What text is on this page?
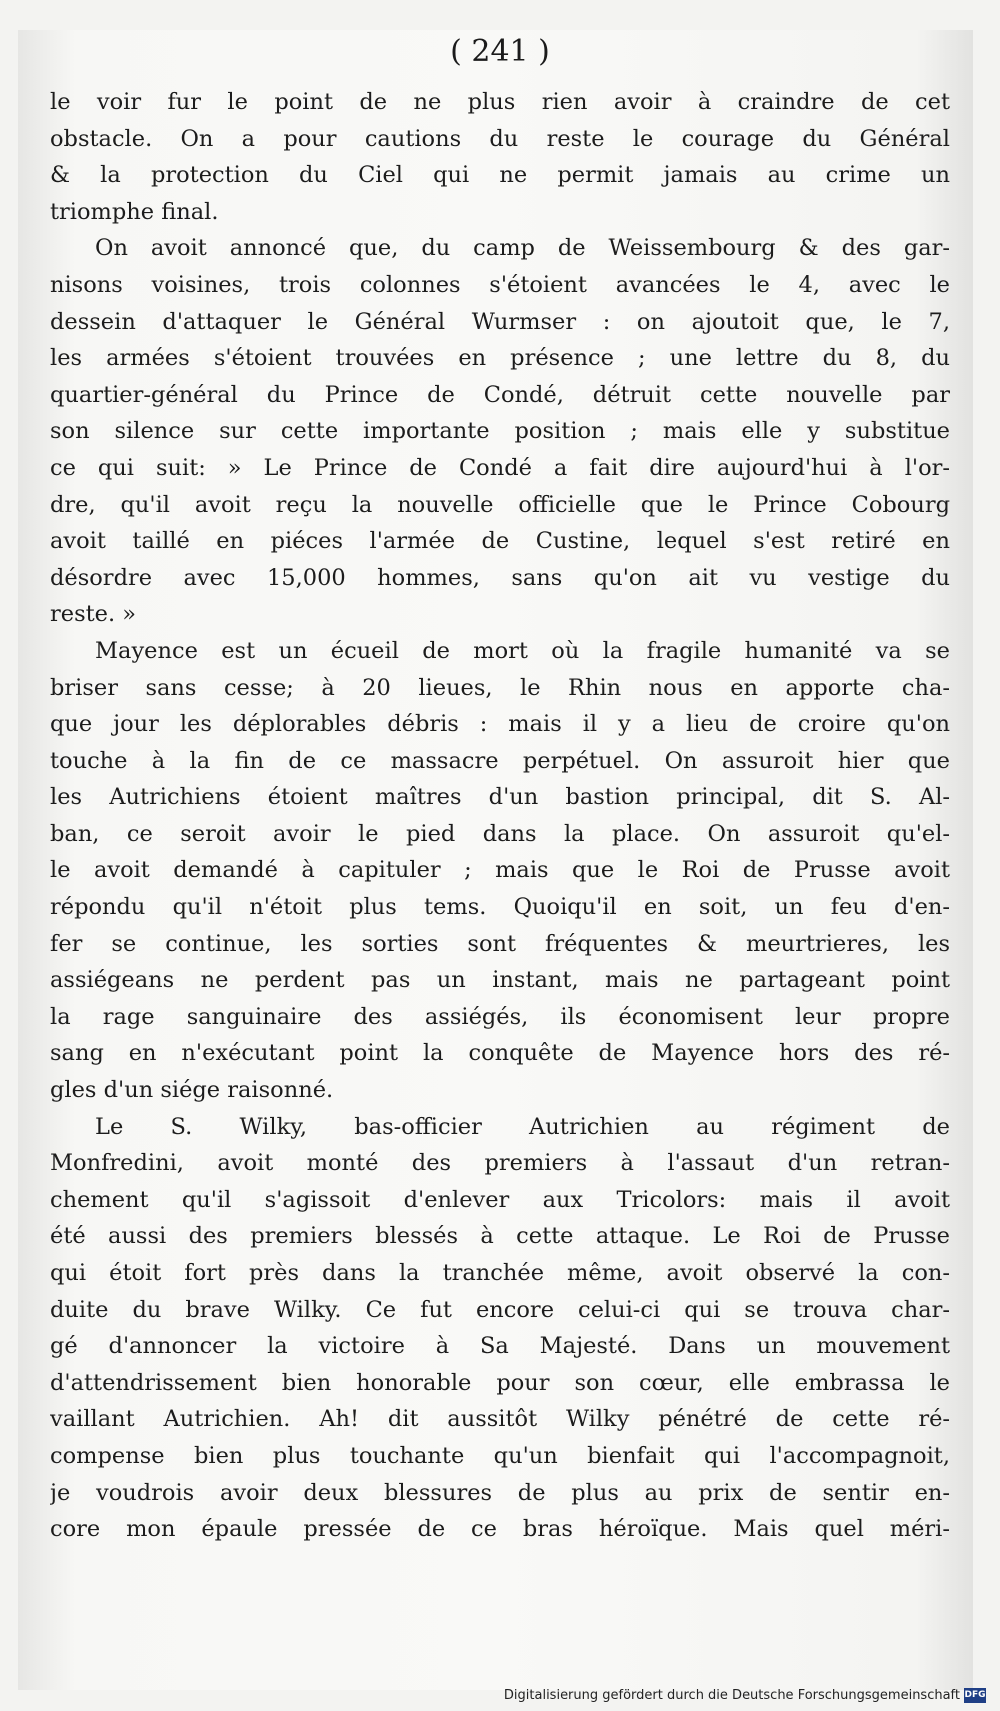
( 241 )
le voir fur le point de ne plus rien avoir à craindre de cet
obstacle. On a pour cautions du reste le courage du Général
& la protection du Ciel qui ne permit jamais au crime un
triomphe final.
On avoit annoncé que, du camp de Weissembourg & des gar-
nisons voisines, trois colonnes s'étoient avancées le 4, avec le
dessein d'attaquer le Général Wurmser : on ajoutoit que, le 7,
les armées s'étoient trouvées en présence ; une lettre du 8, du
quartier-général du Prince de Condé, détruit cette nouvelle par
son silence sur cette importante position ; mais elle y substitue
ce qui suit: » Le Prince de Condé a fait dire aujourd'hui à l'or-
dre, qu'il avoit reçu la nouvelle officielle que le Prince Cobourg
avoit taillé en piéces l'armée de Custine, lequel s'est retiré en
désordre avec 15,000 hommes, sans qu'on ait vu vestige du
reste. »
Mayence est un écueil de mort où la fragile humanité va se
briser sans cesse; à 20 lieues, le Rhin nous en apporte cha-
que jour les déplorables débris : mais il y a lieu de croire qu'on
touche à la fin de ce massacre perpétuel. On assuroit hier que
les Autrichiens étoient maîtres d'un bastion principal, dit S. Al-
ban, ce seroit avoir le pied dans la place. On assuroit qu'el-
le avoit demandé à capituler ; mais que le Roi de Prusse avoit
répondu qu'il n'étoit plus tems. Quoiqu'il en soit, un feu d'en-
fer se continue, les sorties sont fréquentes & meurtrieres, les
assiégeans ne perdent pas un instant, mais ne partageant point
la rage sanguinaire des assiégés, ils économisent leur propre
sang en n'exécutant point la conquête de Mayence hors des ré-
gles d'un siége raisonné.
Le S. Wilky, bas-officier Autrichien au régiment de
Monfredini, avoit monté des premiers à l'assaut d'un retran-
chement qu'il s'agissoit d'enlever aux Tricolors: mais il avoit
été aussi des premiers blessés à cette attaque. Le Roi de Prusse
qui étoit fort près dans la tranchée même, avoit observé la con-
duite du brave Wilky. Ce fut encore celui-ci qui se trouva char-
gé d'annoncer la victoire à Sa Majesté. Dans un mouvement
d'attendrissement bien honorable pour son cœur, elle embrassa le
vaillant Autrichien. Ah! dit aussitôt Wilky pénétré de cette ré-
compense bien plus touchante qu'un bienfait qui l'accompagnoit,
je voudrois avoir deux blessures de plus au prix de sentir en-
core mon épaule pressée de ce bras héroïque. Mais quel méri-
Digitalisierung gefördert durch die Deutsche Forschungsgemeinschaft DFG
